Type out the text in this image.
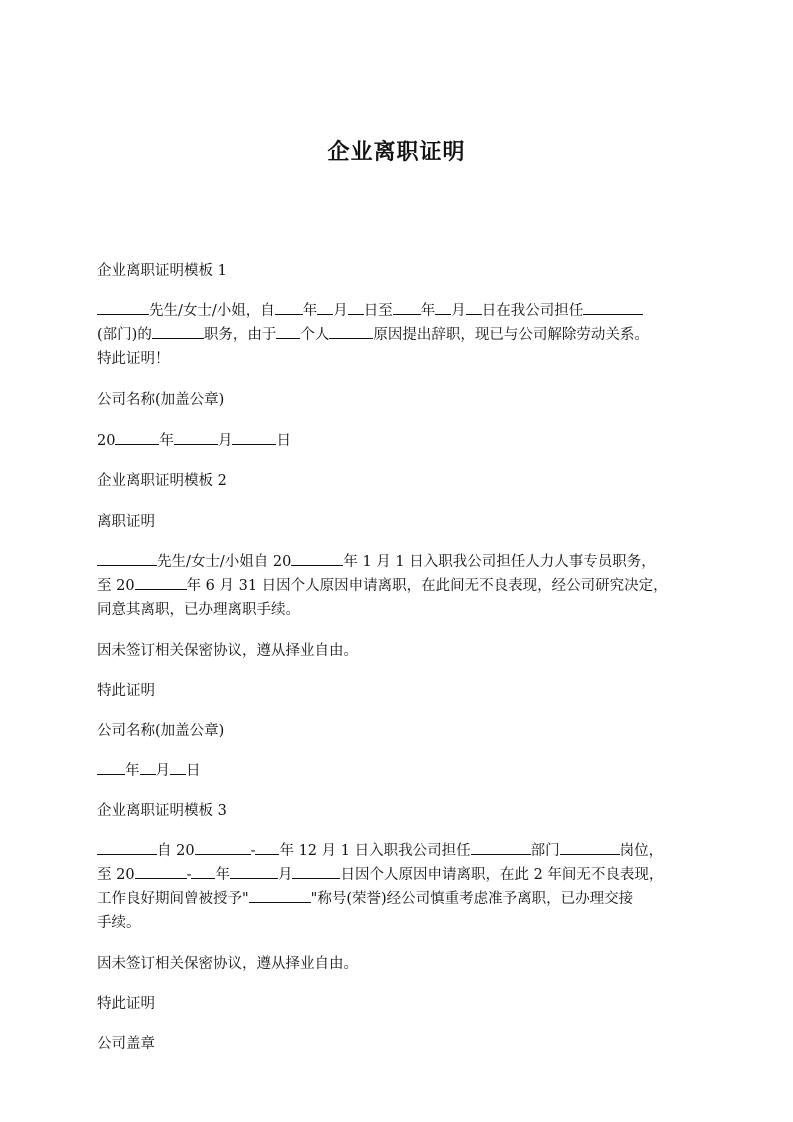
企业离职证明

企业离职证明模板 1

先生/女士/小姐，自 年 月 日至 年 月 日在我公司担任
(部门)的	职务，由于 个人	原因提出辞职，现已与公司解除劳动关系。
特此证明！

公司名称(加盖公章)

20	年	月	日

企业离职证明模板 2

离职证明

先生/女士/小姐自 20	年 1 月 1 日入职我公司担任人力人事专员职务，
至 20	年 6 月 31 日因个人原因申请离职，在此间无不良表现，经公司研究决定，
同意其离职，已办理离职手续。

因未签订相关保密协议，遵从择业自由。

特此证明

公司名称(加盖公章)

年 月 日

企业离职证明模板 3

自 20	- 年 12 月 1 日入职我公司担任	部门	岗位，
至 20	- 年	月	日因个人原因申请离职，在此 2 年间无不良表现，
工作良好期间曾被授予"	"称号(荣誉)经公司慎重考虑准予离职，已办理交接
手续。

因未签订相关保密协议，遵从择业自由。

特此证明

公司盖章
